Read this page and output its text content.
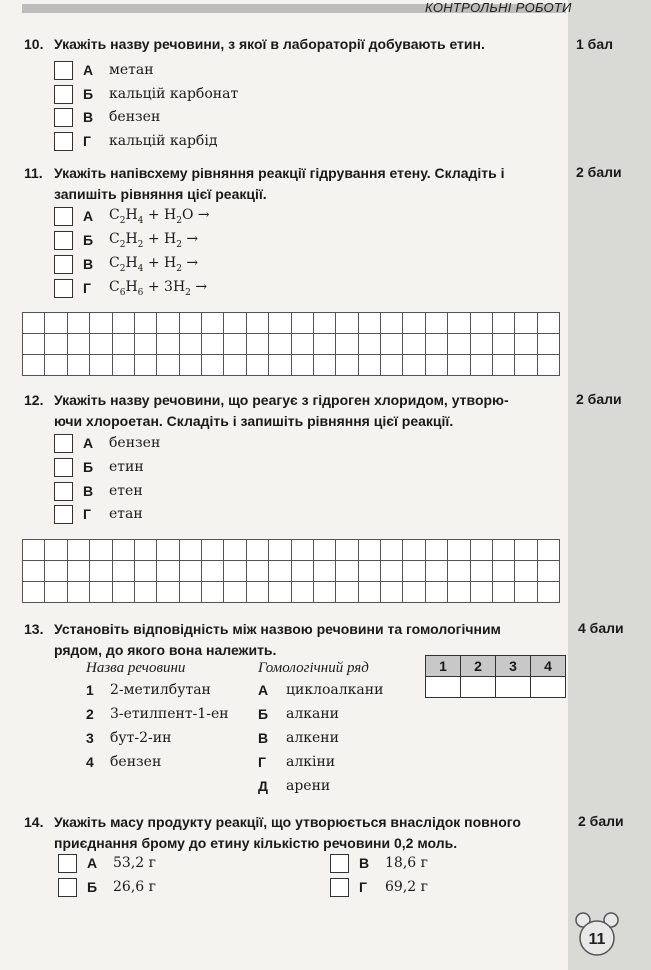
КОНТРОЛЬНІ РОБОТИ
10. Укажіть назву речовини, з якої в лабораторії добувають етин.	1 бал
А	метан
Б	кальцій карбонат
В	бензен
Г	кальцій карбід
11. Укажіть напівсхему рівняння реакції гідрування етену. Складіть і
запишіть рівняння цієї реакції.
2 бали
А	$C_2H_4 + H_2O$ →
Б	$C_2H_2 + H_2$ →
В	$C_2H_4 + H_2$ →
Г	$C_6H_6 + 3H_2$ →

12. Укажіть назву речовини, що реагує з гідроген хлоридом, утворю-
ючи хлороетан. Складіть і запишіть рівняння цієї реакції.
2 бали
А	бензен
Б	етин
В	етен
Г	етан

13. Установіть відповідність між назвою речовини та гомологічним
рядом, до якого вона належить.
4 бали
Назва речовини	Гомологічний ряд
1	2-метилбутан
2	3-етилпент-1-ен
3	бут-2-ин
4	бензен
А	циклоалкани
Б	алкани
В	алкени
Г	алкіни
Д	арени
1	2	3	4

14. Укажіть масу продукту реакції, що утворюється внаслідок повного
приєднання брому до етину кількістю речовини 0,2 моль.
2 бали
А	53,2 г
Б	26,6 г
В	18,6 г
Г	69,2 г
11
